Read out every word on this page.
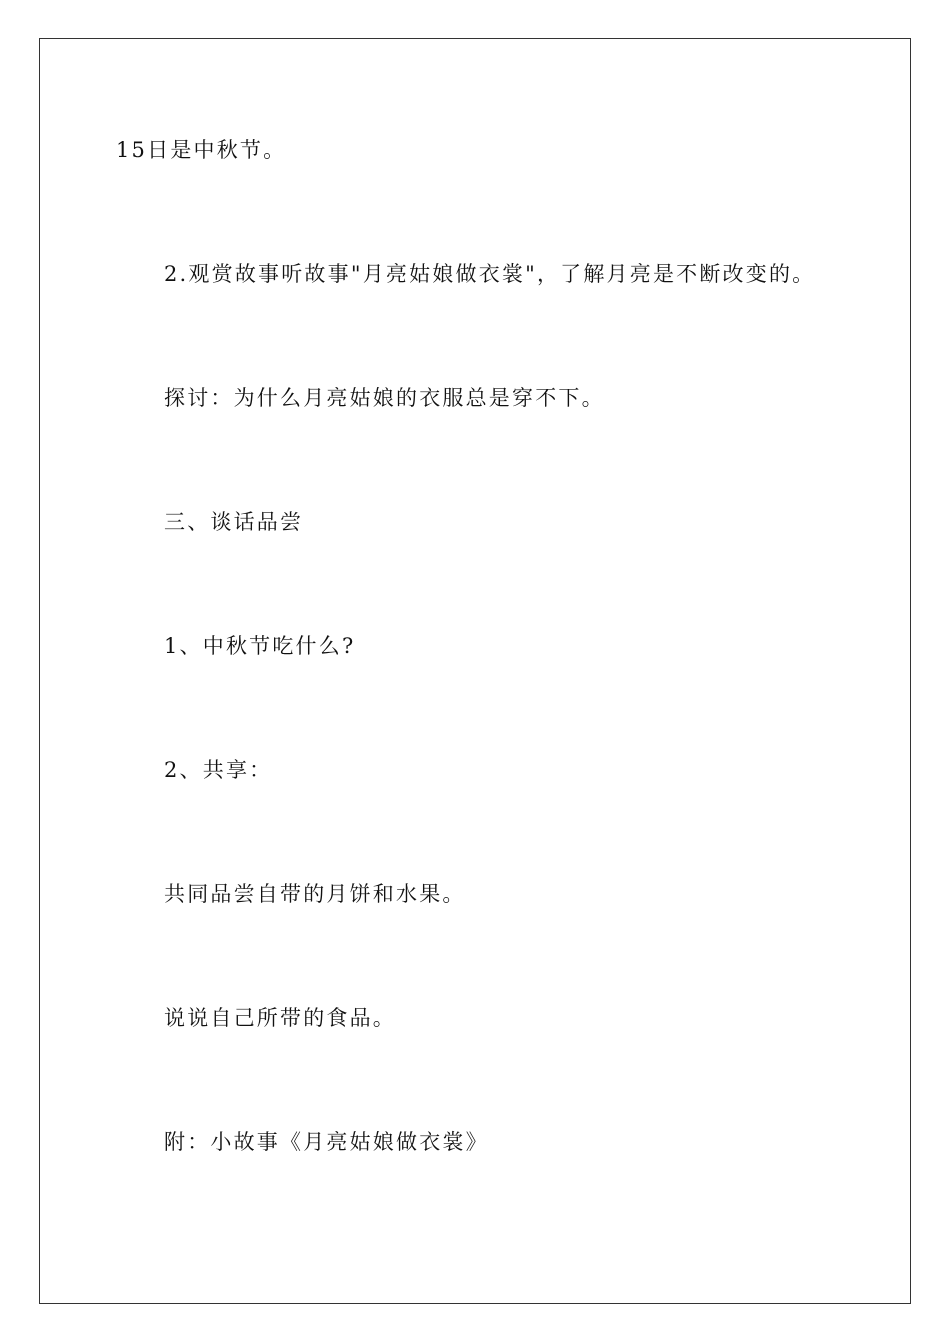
15日是中秋节。

2.观赏故事听故事"月亮姑娘做衣裳"，了解月亮是不断改变的。

探讨：为什么月亮姑娘的衣服总是穿不下。

三、谈话品尝

1、中秋节吃什么?

2、共享：

共同品尝自带的月饼和水果。

说说自己所带的食品。

附：小故事《月亮姑娘做衣裳》
